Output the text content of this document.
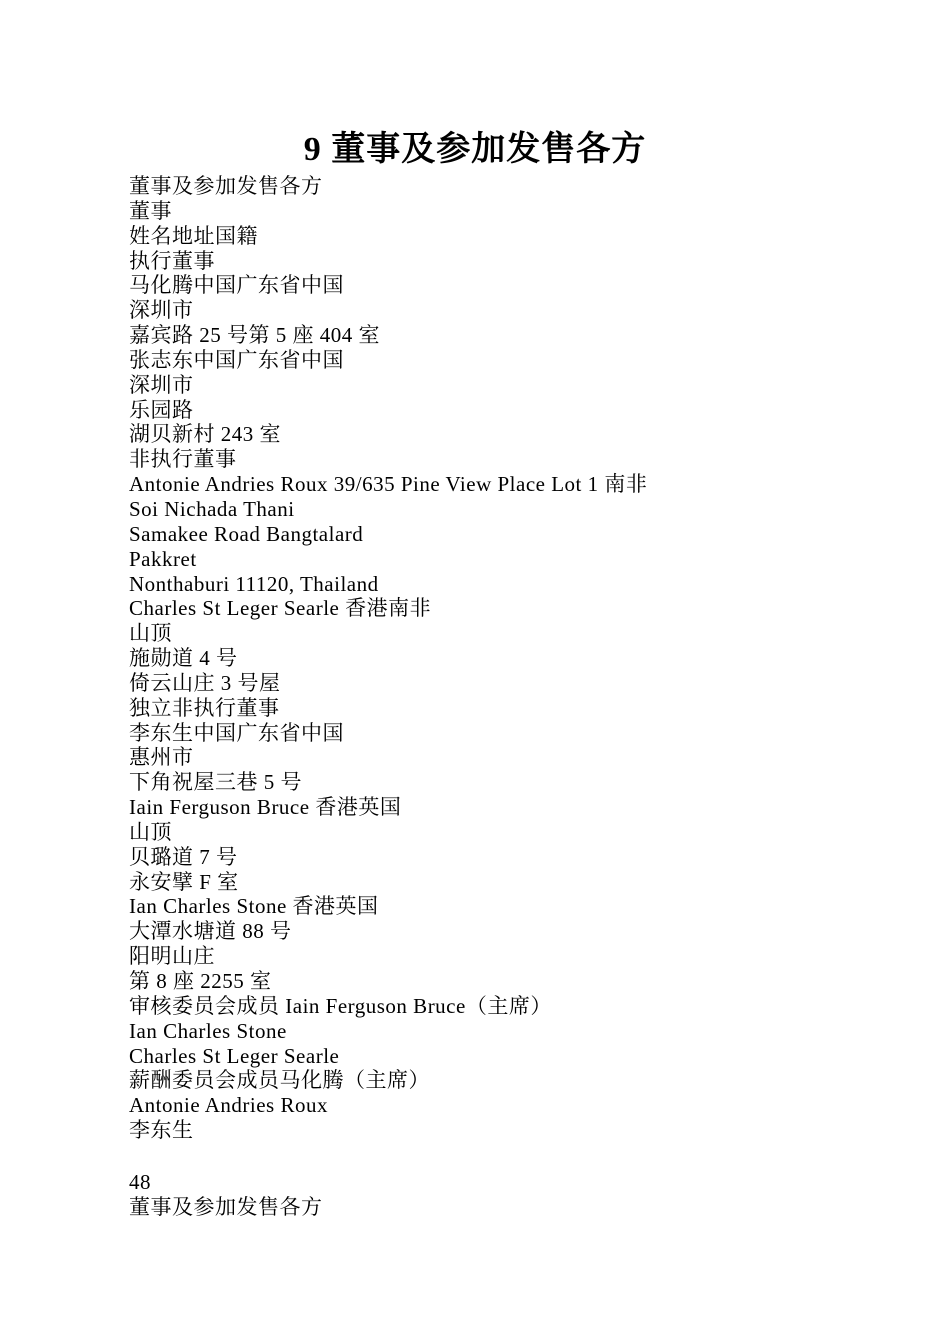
9 董事及参加发售各方
董事及参加发售各方
董事
姓名地址国籍
执行董事
马化腾中国广东省中国
深圳市
嘉宾路 25 号第 5 座 404 室
张志东中国广东省中国
深圳市
乐园路
湖贝新村 243 室
非执行董事
Antonie Andries Roux 39/635 Pine View Place Lot 1 南非
Soi Nichada Thani
Samakee Road Bangtalard
Pakkret
Nonthaburi 11120, Thailand
Charles St Leger Searle 香港南非
山顶
施勋道 4 号
倚云山庄 3 号屋
独立非执行董事
李东生中国广东省中国
惠州市
下角祝屋三巷 5 号
Iain Ferguson Bruce 香港英国
山顶
贝璐道 7 号
永安擘 F 室
Ian Charles Stone 香港英国
大潭水塘道 88 号
阳明山庄
第 8 座 2255 室
审核委员会成员 Iain Ferguson Bruce（主席）
Ian Charles Stone
Charles St Leger Searle
薪酬委员会成员马化腾（主席）
Antonie Andries Roux
李东生
48
董事及参加发售各方
